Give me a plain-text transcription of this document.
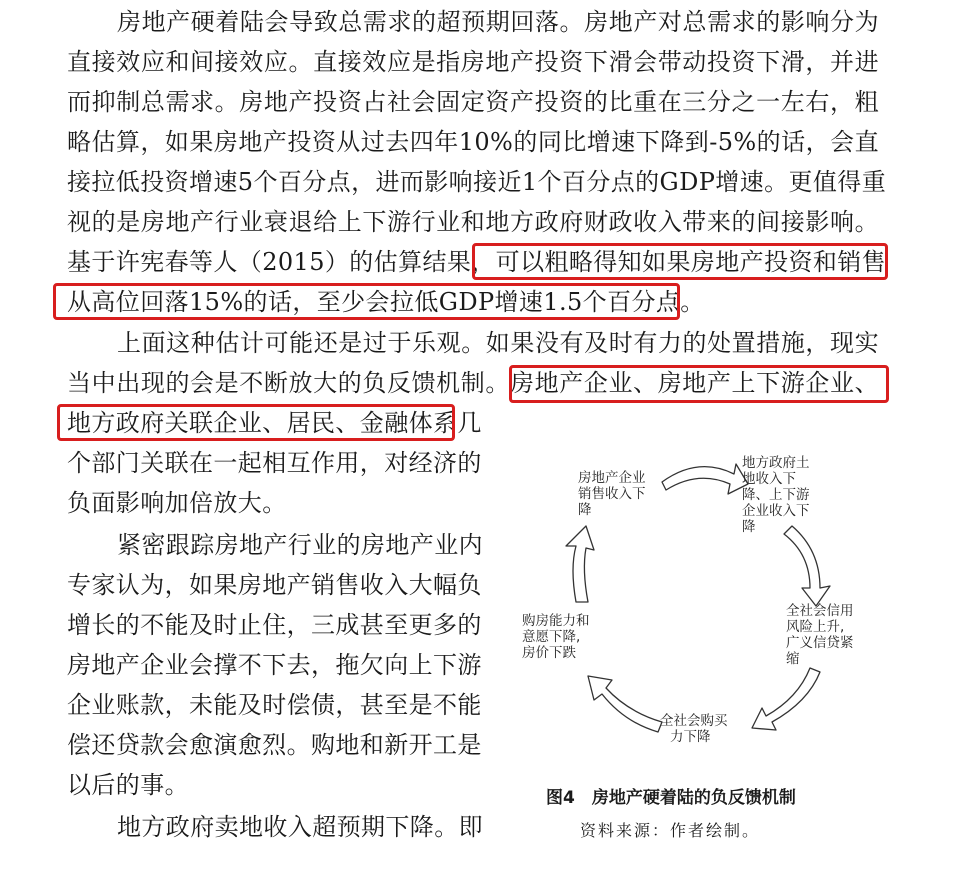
房地产硬着陆会导致总需求的超预期回落。房地产对总需求的影响分为
直接效应和间接效应。直接效应是指房地产投资下滑会带动投资下滑，并进
而抑制总需求。房地产投资占社会固定资产投资的比重在三分之一左右，粗
略估算，如果房地产投资从过去四年10%的同比增速下降到-5%的话，会直
接拉低投资增速5个百分点，进而影响接近1个百分点的GDP增速。更值得重
视的是房地产行业衰退给上下游行业和地方政府财政收入带来的间接影响。
基于许宪春等人（2015）的估算结果，可以粗略得知如果房地产投资和销售
从高位回落15%的话，至少会拉低GDP增速1.5个百分点。
上面这种估计可能还是过于乐观。如果没有及时有力的处置措施，现实
当中出现的会是不断放大的负反馈机制。房地产企业、房地产上下游企业、
地方政府关联企业、居民、金融体系几
个部门关联在一起相互作用，对经济的
负面影响加倍放大。
紧密跟踪房地产行业的房地产业内
专家认为，如果房地产销售收入大幅负
增长的不能及时止住，三成甚至更多的
房地产企业会撑不下去，拖欠向上下游
企业账款，未能及时偿债，甚至是不能
偿还贷款会愈演愈烈。购地和新开工是
以后的事。
地方政府卖地收入超预期下降。即
房地产企业
销售收入下
降
地方政府土
地收入下
降、上下游
企业收入下
降
全社会信用
风险上升,
广义信贷紧
缩
全社会购买
力下降
购房能力和
意愿下降,
房价下跌
图4　房地产硬着陆的负反馈机制
资料来源：作者绘制。
